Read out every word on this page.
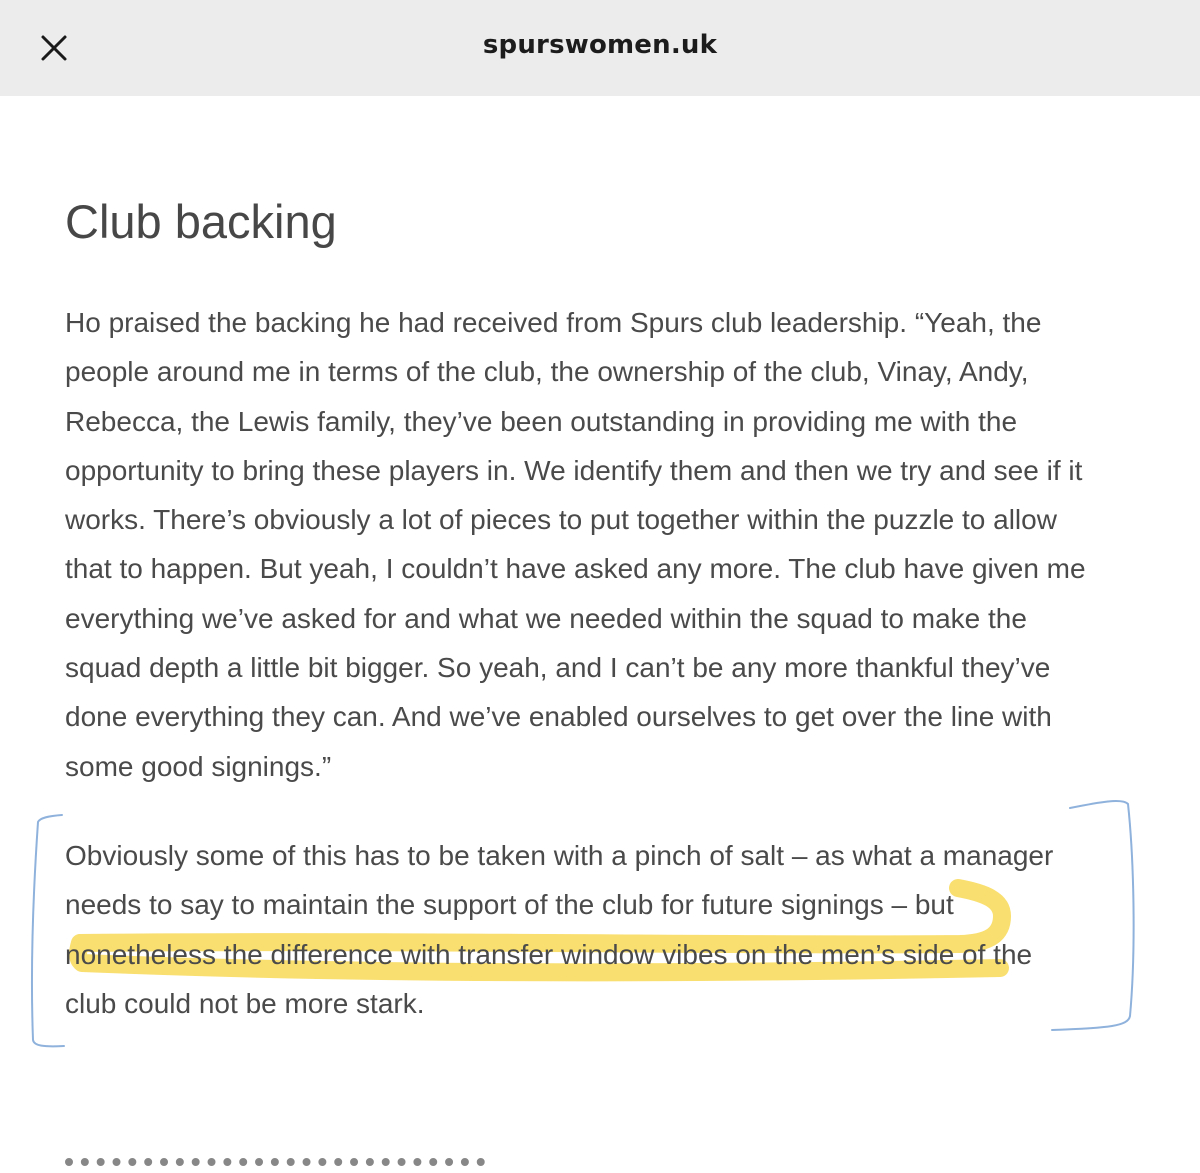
spurswomen.uk
Club backing

Ho praised the backing he had received from Spurs club leadership. “Yeah, the
people around me in terms of the club, the ownership of the club, Vinay, Andy,
Rebecca, the Lewis family, they’ve been outstanding in providing me with the
opportunity to bring these players in. We identify them and then we try and see if it
works. There’s obviously a lot of pieces to put together within the puzzle to allow
that to happen. But yeah, I couldn’t have asked any more. The club have given me
everything we’ve asked for and what we needed within the squad to make the
squad depth a little bit bigger. So yeah, and I can’t be any more thankful they’ve
done everything they can. And we’ve enabled ourselves to get over the line with
some good signings.”

Obviously some of this has to be taken with a pinch of salt – as what a manager
needs to say to maintain the support of the club for future signings – but
nonetheless the difference with transfer window vibes on the men’s side of the
club could not be more stark.
